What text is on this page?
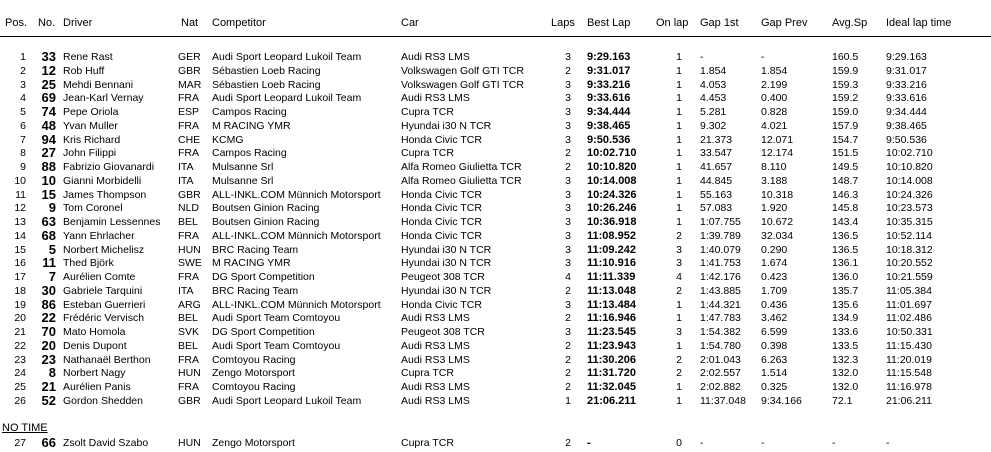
Pos. No. Driver	Nat	Competitor	Car	Laps	Best Lap	On lap	Gap 1st	Gap Prev	Avg.Sp	Ideal lap time
1	33 Rene Rast	GER	Audi Sport Leopard Lukoil Team	Audi RS3 LMS	3 9:29.163	1 -	-	160.5	9:29.163
2	12 Rob Huff	GBR	Sébastien Loeb Racing	Volkswagen Golf GTI TCR	2 9:31.017	1 1.854	1.854	159.9	9:31.017
3	25 Mehdi Bennani	MAR	Sébastien Loeb Racing	Volkswagen Golf GTI TCR	3 9:33.216	1 4.053	2.199	159.3	9:33.216
4	69 Jean-Karl Vernay	FRA	Audi Sport Leopard Lukoil Team	Audi RS3 LMS	3 9:33.616	1 4.453	0.400	159.2	9:33.616
5	74 Pepe Oriola	ESP	Campos Racing	Cupra TCR	3 9:34.444	1 5.281	0.828	159.0	9:34.444
6	48 Yvan Muller	FRA	M RACING YMR	Hyundai i30 N TCR	3 9:38.465	1 9.302	4.021	157.9	9:38.465
7	94 Kris Richard	CHE	KCMG	Honda Civic TCR	3 9:50.536	1 21.373	12.071	154.7	9:50.536
8	27 John Filippi	FRA	Campos Racing	Cupra TCR	2 10:02.710	1 33.547	12.174	151.5	10:02.710
9	88 Fabrizio Giovanardi	ITA	Mulsanne Srl	Alfa Romeo Giulietta TCR	2 10:10.820	1 41.657	8.110	149.5	10:10.820
10	10 Gianni Morbidelli	ITA	Mulsanne Srl	Alfa Romeo Giulietta TCR	3 10:14.008	1 44.845	3.188	148.7	10:14.008
11	15 James Thompson	GBR	ALL-INKL.COM Münnich Motorsport	Honda Civic TCR	3 10:24.326	1 55.163	10.318	146.3	10:24.326
12	9 Tom Coronel	NLD	Boutsen Ginion Racing	Honda Civic TCR	3 10:26.246	1 57.083	1.920	145.8	10:23.573
13	63 Benjamin Lessennes	BEL	Boutsen Ginion Racing	Honda Civic TCR	3 10:36.918	1 1:07.755	10.672	143.4	10:35.315
14	68 Yann Ehrlacher	FRA	ALL-INKL.COM Münnich Motorsport	Honda Civic TCR	3 11:08.952	2 1:39.789	32.034	136.5	10:52.114
15	5 Norbert Michelisz	HUN	BRC Racing Team	Hyundai i30 N TCR	3 11:09.242	3 1:40.079	0.290	136.5	10:18.312
16	11 Thed Björk	SWE M RACING YMR	Hyundai i30 N TCR	3 11:10.916	3 1:41.753	1.674	136.1	10:20.552
17	7 Aurélien Comte	FRA	DG Sport Competition	Peugeot 308 TCR	4 11:11.339	4 1:42.176	0.423	136.0	10:21.559
18	30 Gabriele Tarquini	ITA	BRC Racing Team	Hyundai i30 N TCR	2 11:13.048	2 1:43.885	1.709	135.7	11:05.384
19	86 Esteban Guerrieri	ARG	ALL-INKL.COM Münnich Motorsport	Honda Civic TCR	3 11:13.484	1 1:44.321	0.436	135.6	11:01.697
20	22 Frédéric Vervisch	BEL	Audi Sport Team Comtoyou	Audi RS3 LMS	2 11:16.946	1 1:47.783	3.462	134.9	11:02.486
21	70 Mato Homola	SVK	DG Sport Competition	Peugeot 308 TCR	3 11:23.545	3 1:54.382	6.599	133.6	10:50.331
22	20 Denis Dupont	BEL	Audi Sport Team Comtoyou	Audi RS3 LMS	2 11:23.943	1 1:54.780	0.398	133.5	11:15.430
23	23 Nathanaël Berthon	FRA	Comtoyou Racing	Audi RS3 LMS	2 11:30.206	2 2:01.043	6.263	132.3	11:20.019
24	8 Norbert Nagy	HUN	Zengo Motorsport	Cupra TCR	2 11:31.720	2 2:02.557	1.514	132.0	11:15.548
25	21 Aurélien Panis	FRA	Comtoyou Racing	Audi RS3 LMS	2 11:32.045	1 2:02.882	0.325	132.0	11:16.978
26	52 Gordon Shedden	GBR	Audi Sport Leopard Lukoil Team	Audi RS3 LMS	1 21:06.211	1 11:37.048	9:34.166	72.1	21:06.211
NO TIME
27	66 Zsolt David Szabo	HUN	Zengo Motorsport	Cupra TCR	2 -	0 -	-	-	-
